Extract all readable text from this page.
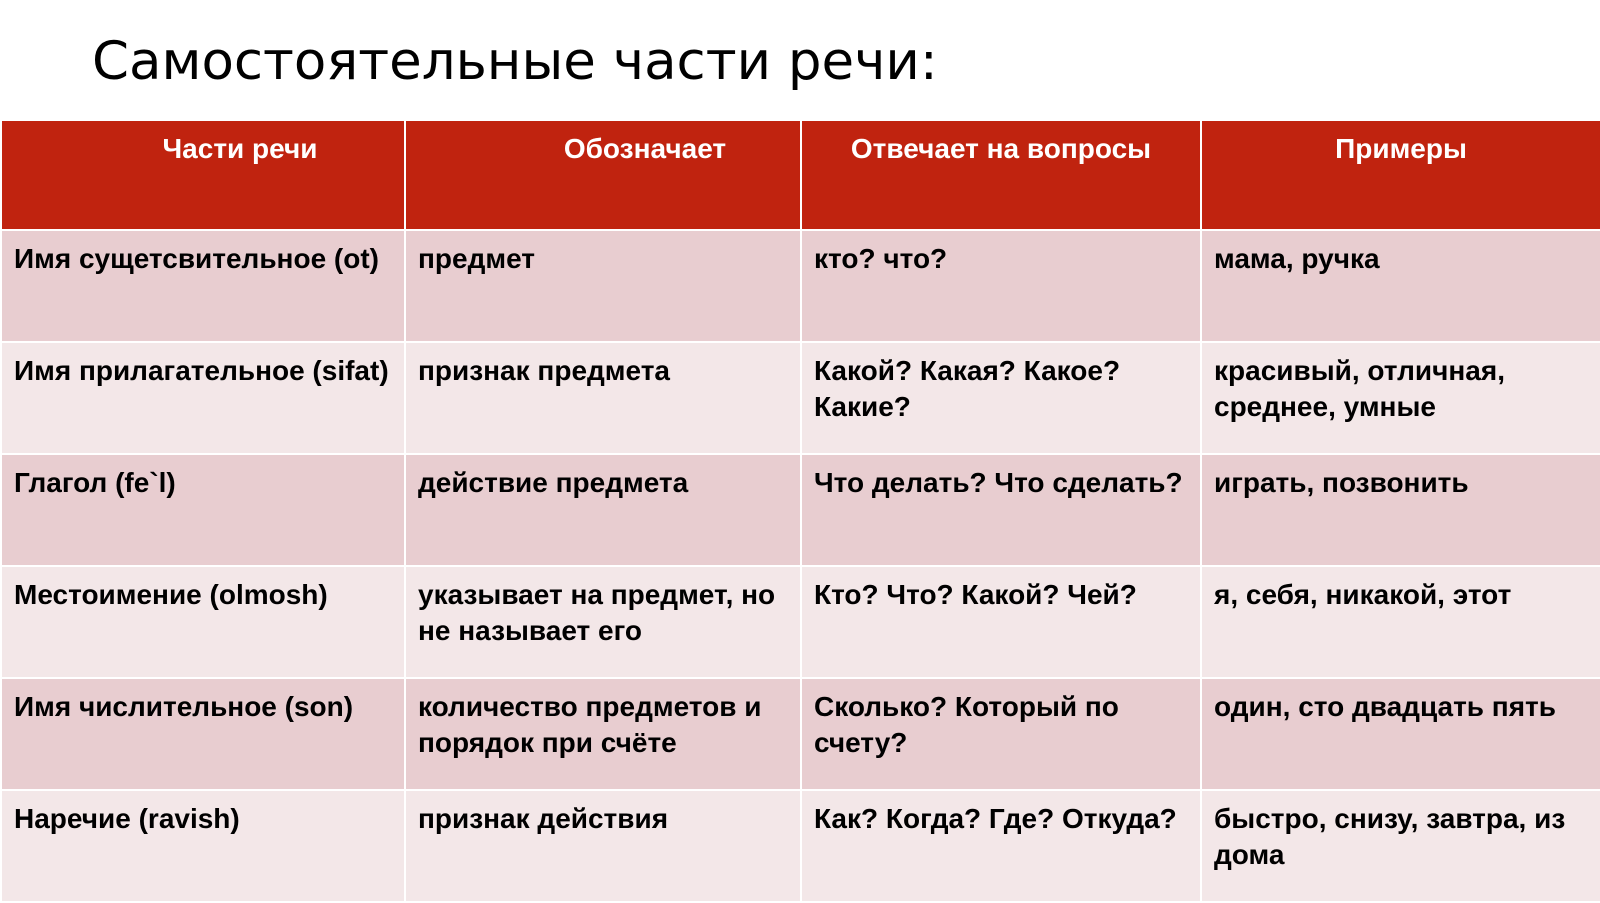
Самостоятельные части речи:
Части речи	Обозначает	Отвечает на вопросы	Примеры
Имя сущетсвительное (ot)	предмет	кто? что?	мама, ручка
Имя прилагательное (sifat)	признак предмета	Какой? Какая? Какое? Какие?	красивый, отличная, среднее, умные
Глагол (fe`l)	действие предмета	Что делать? Что сделать?	играть, позвонить
Местоимение (olmosh)	указывает на предмет, но не называет его	Кто? Что? Какой? Чей?	я, себя, никакой, этот
Имя числительное (son)	количество предметов и порядок при счёте	Сколько? Который по счету?	один, сто двадцать пять
Наречие (ravish)	признак действия	Как? Когда? Где? Откуда?	быстро, снизу, завтра, из дома
